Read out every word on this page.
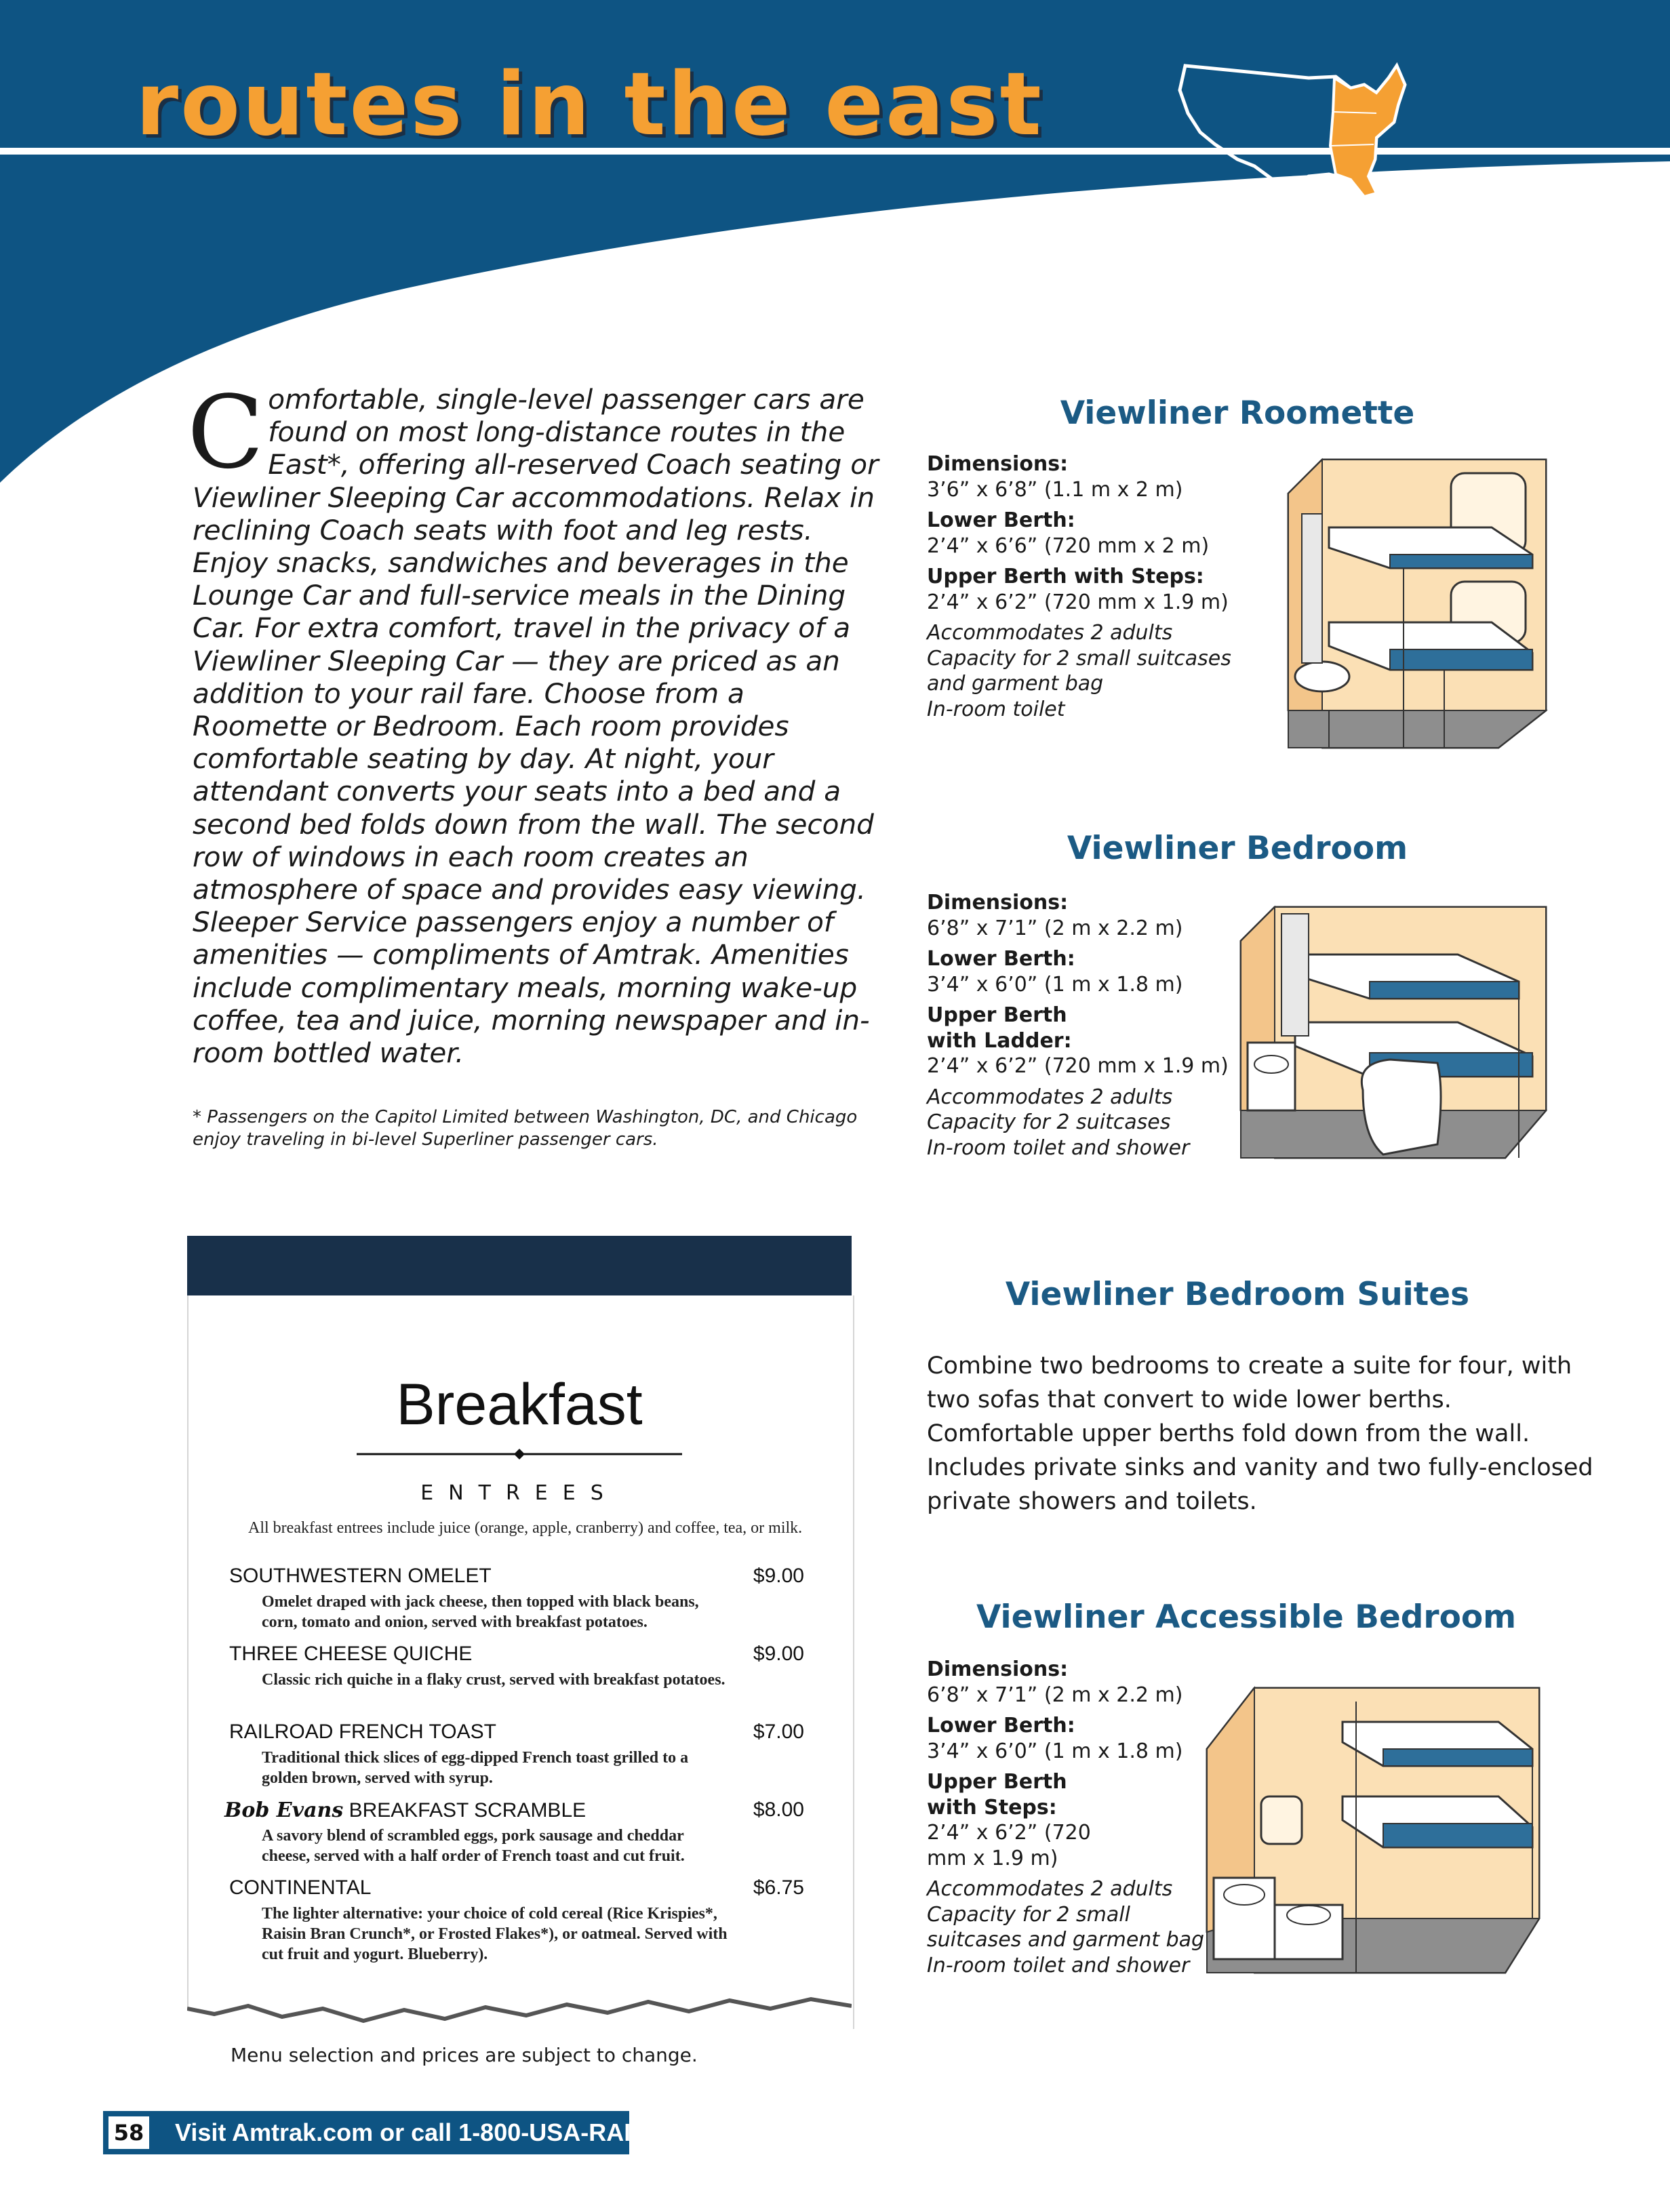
routes in the east
Comfortable, single-level passenger cars are found on most long-distance routes in the East*, offering all-reserved Coach seating or Viewliner Sleeping Car accommodations. Relax in reclining Coach seats with foot and leg rests. Enjoy snacks, sandwiches and beverages in the Lounge Car and full-service meals in the Dining Car. For extra comfort, travel in the privacy of a Viewliner Sleeping Car — they are priced as an addition to your rail fare. Choose from a Roomette or Bedroom. Each room provides comfortable seating by day. At night, your attendant converts your seats into a bed and a second bed folds down from the wall. The second row of windows in each room creates an atmosphere of space and provides easy viewing. Sleeper Service passengers enjoy a number of amenities — compliments of Amtrak. Amenities include complimentary meals, morning wake-up coffee, tea and juice, morning newspaper and in-room bottled water.
* Passengers on the Capitol Limited between Washington, DC, and Chicago enjoy traveling in bi-level Superliner passenger cars.
Viewliner Roomette
Dimensions:
3’6” x 6’8” (1.1 m x 2 m)
Lower Berth:
2’4” x 6’6” (720 mm x 2 m)
Upper Berth with Steps:
2’4” x 6’2” (720 mm x 1.9 m)
Accommodates 2 adults
Capacity for 2 small suitcases and garment bag
In-room toilet
Viewliner Bedroom
Dimensions:
6’8” x 7’1” (2 m x 2.2 m)
Lower Berth:
3’4” x 6’0” (1 m x 1.8 m)
Upper Berth with Ladder:
2’4” x 6’2” (720 mm x 1.9 m)
Accommodates 2 adults
Capacity for 2 suitcases
In-room toilet and shower
Viewliner Bedroom Suites
Combine two bedrooms to create a suite for four, with two sofas that convert to wide lower berths. Comfortable upper berths fold down from the wall. Includes private sinks and vanity and two fully-enclosed private showers and toilets.
Viewliner Accessible Bedroom
Dimensions:
6’8” x 7’1” (2 m x 2.2 m)
Lower Berth:
3’4” x 6’0” (1 m x 1.8 m)
Upper Berth with Steps:
2’4” x 6’2” (720 mm x 1.9 m)
Accommodates 2 adults
Capacity for 2 small suitcases and garment bag
In-room toilet and shower
Breakfast
ENTREES
All breakfast entrees include juice (orange, apple, cranberry) and coffee, tea, or milk.
SOUTHWESTERN OMELET	$9.00
Omelet draped with jack cheese, then topped with black beans, corn, tomato and onion, served with breakfast potatoes.
THREE CHEESE QUICHE	$9.00
Classic rich quiche in a flaky crust, served with breakfast potatoes.
RAILROAD FRENCH TOAST	$7.00
Traditional thick slices of egg-dipped French toast grilled to a golden brown, served with syrup.
Bob Evans BREAKFAST SCRAMBLE	$8.00
A savory blend of scrambled eggs, pork sausage and cheddar cheese, served with a half order of French toast and cut fruit.
CONTINENTAL	$6.75
The lighter alternative: your choice of cold cereal (Rice Krispies*, Raisin Bran Crunch*, or Frosted Flakes*), or oatmeal. Served with cut fruit and yogurt. Blueberry).
Menu selection and prices are subject to change.
58 Visit Amtrak.com or call 1-800-USA-RAIL
